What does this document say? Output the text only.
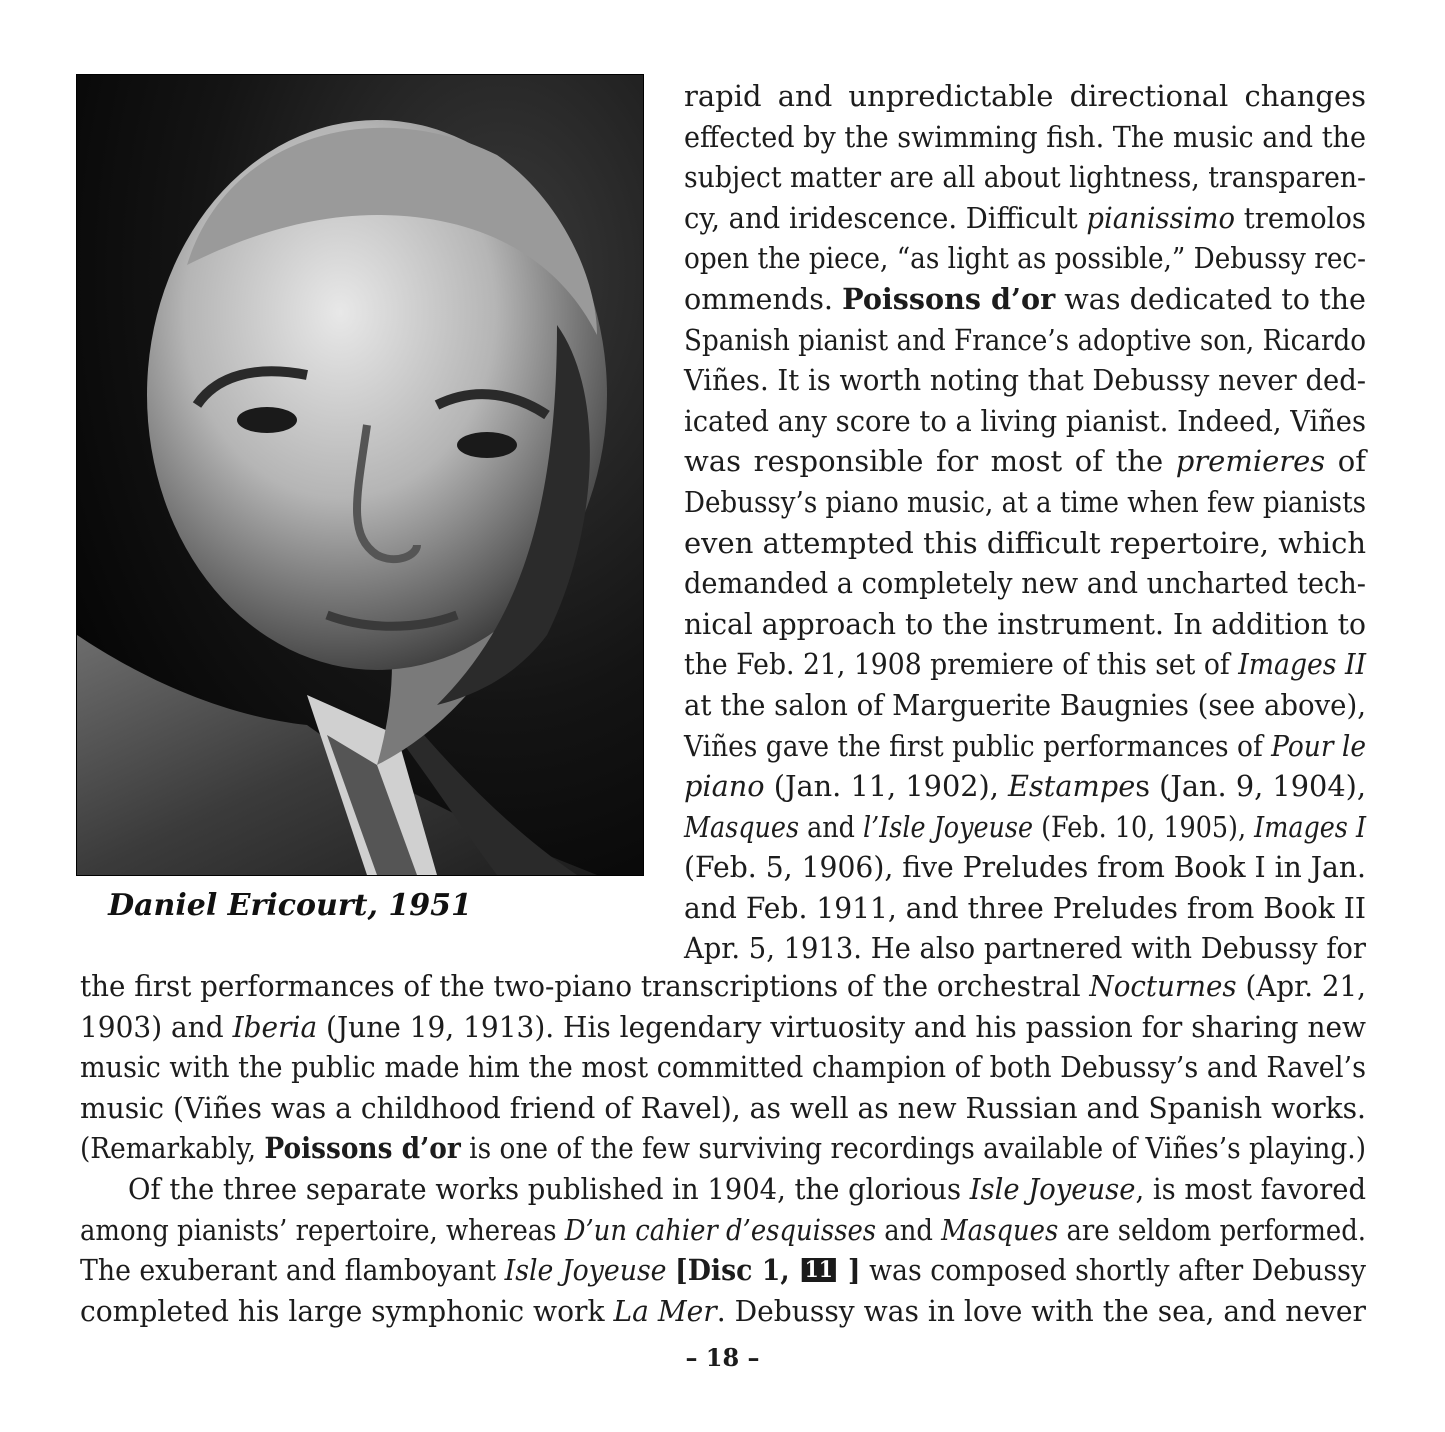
Daniel Ericourt, 1951
rapid and unpredictable directional changes
effected by the swimming fish. The music and the
subject matter are all about lightness, transparen-
cy, and iridescence. Difficult pianissimo tremolos
open the piece, “as light as possible,” Debussy rec-
ommends. Poissons d’or was dedicated to the
Spanish pianist and France’s adoptive son, Ricardo
Viñes. It is worth noting that Debussy never ded-
icated any score to a living pianist. Indeed, Viñes
was responsible for most of the premieres of
Debussy’s piano music, at a time when few pianists
even attempted this difficult repertoire, which
demanded a completely new and uncharted tech-
nical approach to the instrument. In addition to
the Feb. 21, 1908 premiere of this set of Images II
at the salon of Marguerite Baugnies (see above),
Viñes gave the first public performances of Pour le
piano (Jan. 11, 1902), Estampes (Jan. 9, 1904),
Masques and l’Isle Joyeuse (Feb. 10, 1905), Images I
(Feb. 5, 1906), five Preludes from Book I in Jan.
and Feb. 1911, and three Preludes from Book II
Apr. 5, 1913. He also partnered with Debussy for
the first performances of the two-piano transcriptions of the orchestral Nocturnes (Apr. 21,
1903) and Iberia (June 19, 1913). His legendary virtuosity and his passion for sharing new
music with the public made him the most committed champion of both Debussy’s and Ravel’s
music (Viñes was a childhood friend of Ravel), as well as new Russian and Spanish works.
(Remarkably, Poissons d’or is one of the few surviving recordings available of Viñes’s playing.)
Of the three separate works published in 1904, the glorious Isle Joyeuse, is most favored
among pianists’ repertoire, whereas D’un cahier d’esquisses and Masques are seldom performed.
The exuberant and flamboyant Isle Joyeuse [Disc 1, 11 ] was composed shortly after Debussy
completed his large symphonic work La Mer. Debussy was in love with the sea, and never
– 18 –
